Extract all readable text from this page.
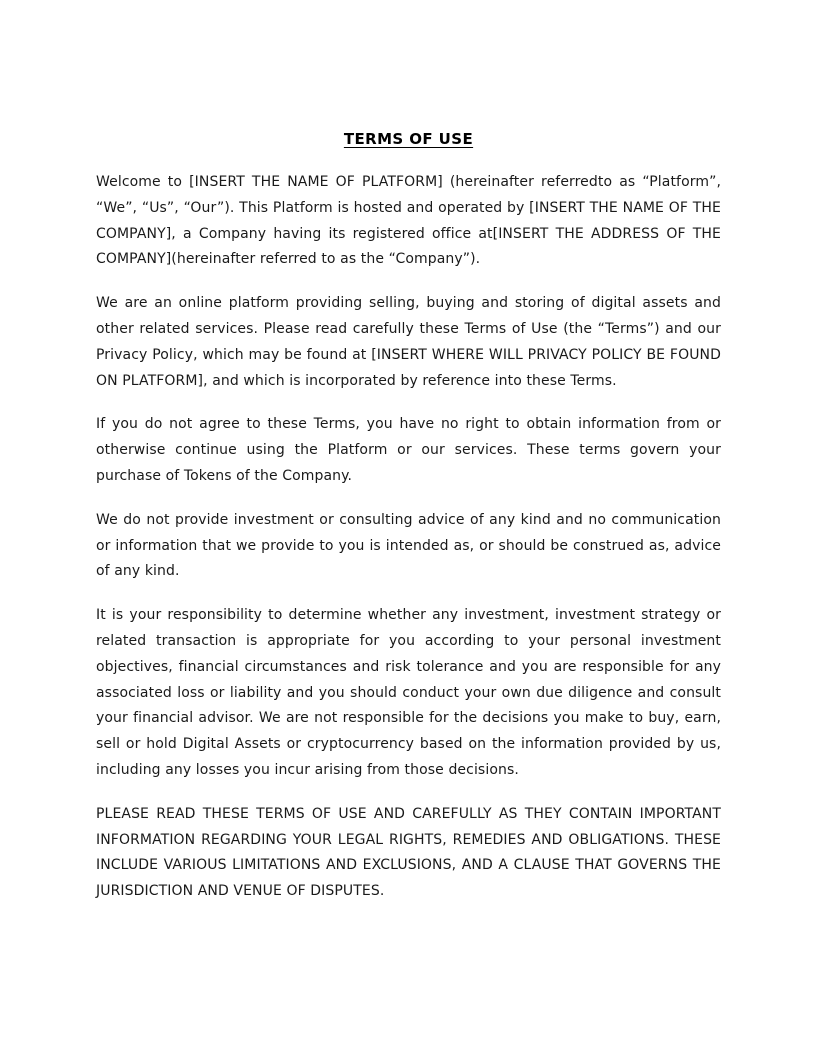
TERMS OF USE

Welcome to [INSERT THE NAME OF PLATFORM] (hereinafter referredto as “Platform”, “We”, “Us”, “Our”). This Platform is hosted and operated by [INSERT THE NAME OF THE COMPANY], a Company having its registered office at[INSERT THE ADDRESS OF THE COMPANY](hereinafter referred to as the “Company”).

We are an online platform providing selling, buying and storing of digital assets and other related services. Please read carefully these Terms of Use (the “Terms”) and our Privacy Policy, which may be found at [INSERT WHERE WILL PRIVACY POLICY BE FOUND ON PLATFORM], and which is incorporated by reference into these Terms.

If you do not agree to these Terms, you have no right to obtain information from or otherwise continue using the Platform or our services. These terms govern your purchase of Tokens of the Company.

We do not provide investment or consulting advice of any kind and no communication or information that we provide to you is intended as, or should be construed as, advice of any kind.

It is your responsibility to determine whether any investment, investment strategy or related transaction is appropriate for you according to your personal investment objectives, financial circumstances and risk tolerance and you are responsible for any associated loss or liability and you should conduct your own due diligence and consult your financial advisor. We are not responsible for the decisions you make to buy, earn, sell or hold Digital Assets or cryptocurrency based on the information provided by us, including any losses you incur arising from those decisions.

PLEASE READ THESE TERMS OF USE AND CAREFULLY AS THEY CONTAIN IMPORTANT INFORMATION REGARDING YOUR LEGAL RIGHTS, REMEDIES AND OBLIGATIONS. THESE INCLUDE VARIOUS LIMITATIONS AND EXCLUSIONS, AND A CLAUSE THAT GOVERNS THE JURISDICTION AND VENUE OF DISPUTES.
